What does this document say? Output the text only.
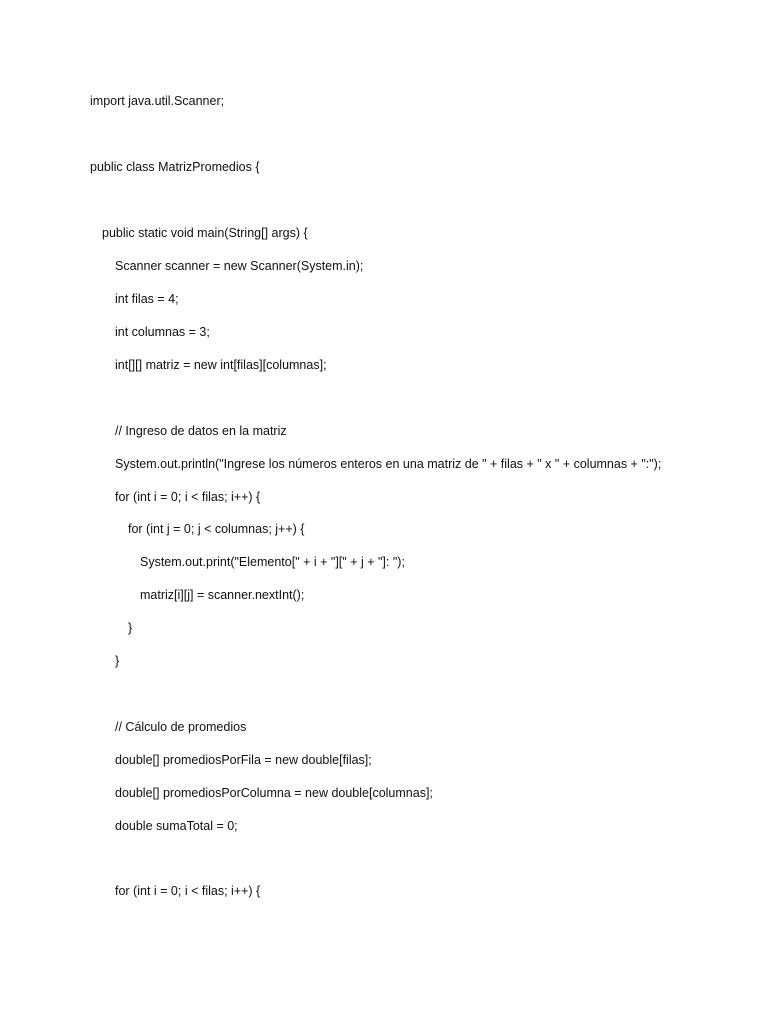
import java.util.Scanner;
public class MatrizPromedios {
public static void main(String[] args) {
Scanner scanner = new Scanner(System.in);
int filas = 4;
int columnas = 3;
int[][] matriz = new int[filas][columnas];
// Ingreso de datos en la matriz
System.out.println("Ingrese los números enteros en una matriz de " + filas + " x " + columnas + ":");
for (int i = 0; i < filas; i++) {
for (int j = 0; j < columnas; j++) {
System.out.print("Elemento[" + i + "][" + j + "]: ");
matriz[i][j] = scanner.nextInt();
}
}
// Cálculo de promedios
double[] promediosPorFila = new double[filas];
double[] promediosPorColumna = new double[columnas];
double sumaTotal = 0;
for (int i = 0; i < filas; i++) {
